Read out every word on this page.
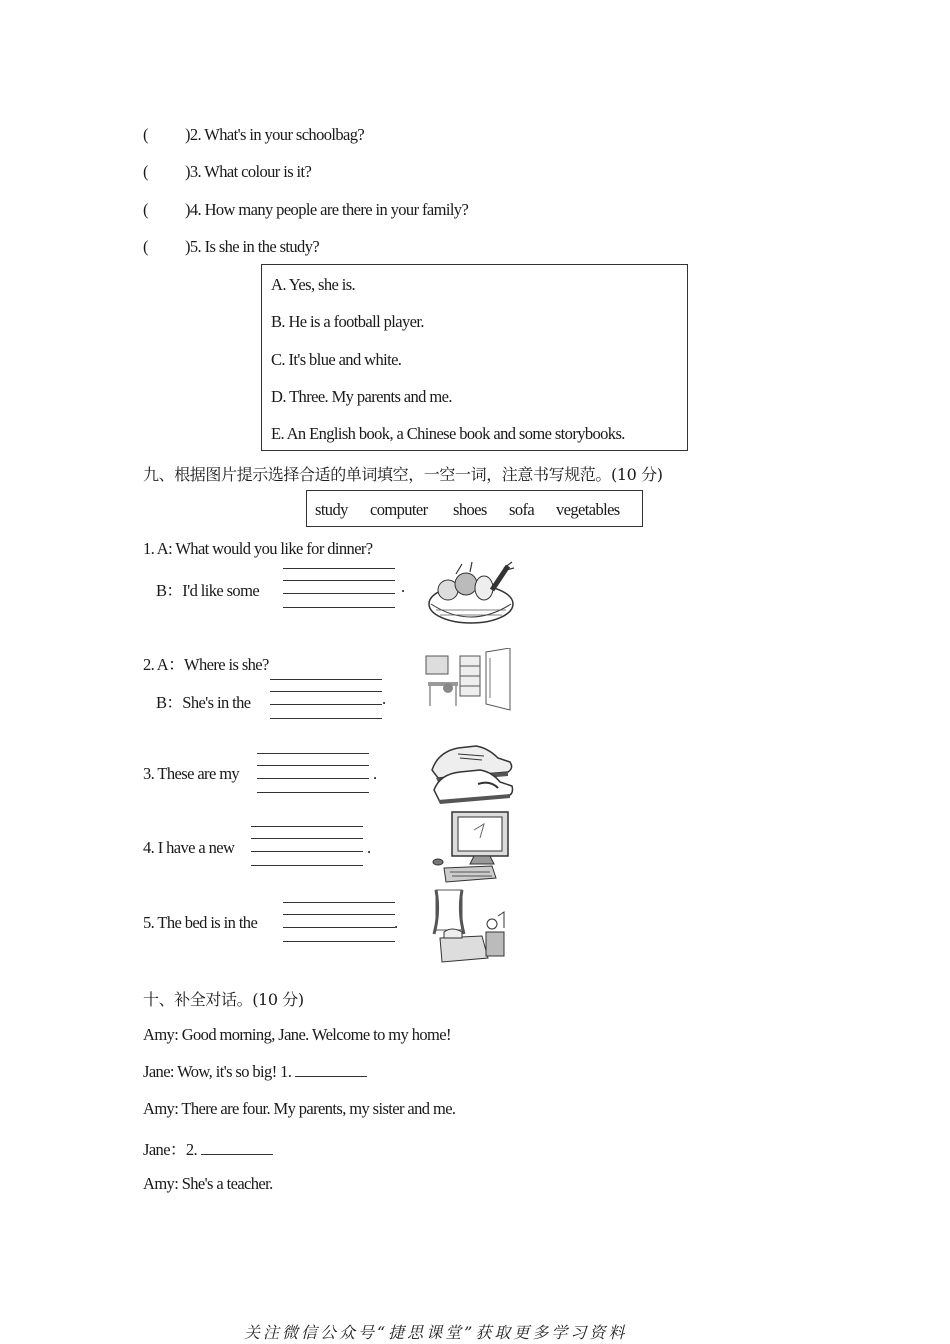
( )2. What's in your schoolbag?
( )3. What colour is it?
( )4. How many people are there in your family?
( )5. Is she in the study?
A. Yes, she is.
B. He is a football player.
C. It's blue and white.
D. Three. My parents and me.
E. An English book, a Chinese book and some storybooks.
九、根据图片提示选择合适的单词填空，一空一词，注意书写规范。(10 分)
study computer shoes sofa vegetables
1. A: What would you like for dinner?
B：I'd like some	.
2. A：Where is she?
B：She's in the	.
3. These are my	.
4. I have a new	.
5. The bed is in the	.
十、补全对话。(10 分)
Amy: Good morning, Jane. Welcome to my home!
Jane: Wow, it's so big! 1.
Amy: There are four. My parents, my sister and me.
Jane：2.
Amy: She's a teacher.
关注微信公众号“捷思课堂”获取更多学习资料
